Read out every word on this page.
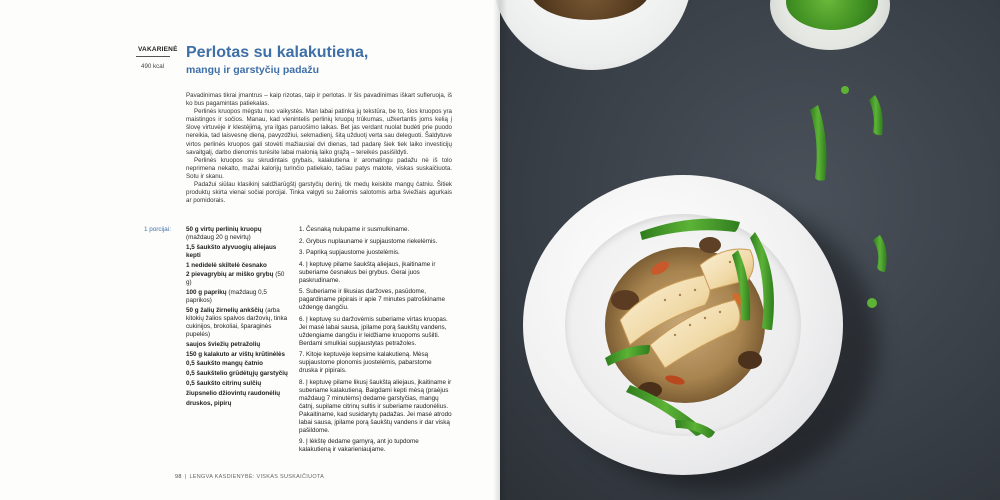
VAKARIENĖ
490 kcal
Perlotas su kalakutiena,
mangų ir garstyčių padažu

Pavadinimas tikrai įmantrus – kaip rizotas, taip ir perlotas. Ir šis pavadinimas iškart sufleruoja, iš ko bus pagamintas patiekalas.

Perlinės kruopos mėgstu nuo vaikystės. Man labai patinka jų tekstūra, be to, šios kruopos yra maistingos ir sočios. Manau, kad vienintelis perlinių kruopų trūkumas, užkertantis joms kelią į šlovę virtuvėje ir klestėjimą, yra ilgas paruošimo laikas. Bet jas verdant nuolat budėti prie puodo nereikia, tad laisvesnę dieną, pavyzdžiui, sekmadienį, šitą užduotį verta sau deleguoti. Šaldytuve virtos perlinės kruopos gali stovėti mažiausiai dvi dienas, tad padarę šiek tiek laiko investicijų savaitgalį, darbo dienomis turėsite labai malonią laiko grąžą – tereikės pasišildyti.

Perlinės kruopos su skrudintais grybais, kalakutiena ir aromatingu padažu nė iš tolo neprimena nekalto, mažai kalorijų turinčio patiekalo, tačiau patys matote, viskas suskaičiuota. Sotu ir skanu.

Padažui siūlau klasikinį saldžiarūgštį garstyčių derinį, tik medų keiskite mangų čatniu. Šitiek produktų skirta vienai sočiai porcijai. Tinka valgyti su žaliomis salotomis arba šviežiais agurkais ar pomidorais.

1 porcijai: 50 g virtų perlinių kruopų (maždaug 20 g nevirtų)
1,5 šaukšto alyvuogių aliejaus kepti
1 nedidelė skiltelė česnako
2 pievagrybių ar miško grybų (50 g)
100 g paprikų (maždaug 0,5 paprikos)
50 g žalių žirnelių ankščių (arba kitokių žalios spalvos daržovių, tinka cukinijos, brokoliai, šparaginės pupelės)
saujos šviežių petražolių
150 g kalakuto ar vištų krūtinėlės
0,5 šaukšto mangų čatnio
0,5 šaukštelio grūdėtųjų garstyčių
0,5 šaukšto citrinų sulčių
žiupsnelio džiovintų raudonėlių
druskos, pipirų
1. Česnaką nulupame ir susmulkiname.
2. Grybus nuplauname ir supjaustome riekelėmis.
3. Papriką supjaustome juostelėmis.
4. Į keptuvę pilame šaukštą aliejaus, įkaitiname ir suberiame česnakus bei grybus. Gerai juos paskrudiname.
5. Suberiame ir likusias daržoves, pasūdome, pagardiname pipirais ir apie 7 minutes patroškiname uždengę dangčiu.
6. Į keptuvę su daržovėmis suberiame virtas kruopas. Jei masė labai sausa, įpilame porą šaukštų vandens, uždengiame dangčiu ir leidžiame kruopoms sušilti. Berdami smulkiai supjaustytas petražoles.
7. Kitoje keptuvėje kepsime kalakutieną. Mėsą supjaustome plonomis juostelėmis, pabarstome druska ir pipirais.
8. Į keptuvę pilame likusį šaukštą aliejaus, įkaitiname ir suberiame kalakutieną. Baigdami kepti mėsą (praėjus maždaug 7 minutėms) dedame garstyčias, mangų čatnį, supilame citrinų sultis ir suberiame raudonėlius. Pakaitiname, kad susidarytų padažas. Jei masė atrodo labai sausa, įpilame porą šaukštų vandens ir dar viską pašildome.
9. Į lėkštę dedame garnyrą, ant jo tupdome kalakutieną ir vakarieniaujame.
98 | LENGVA KASDIENYBĖ: VISKAS SUSKAIČIUOTA
